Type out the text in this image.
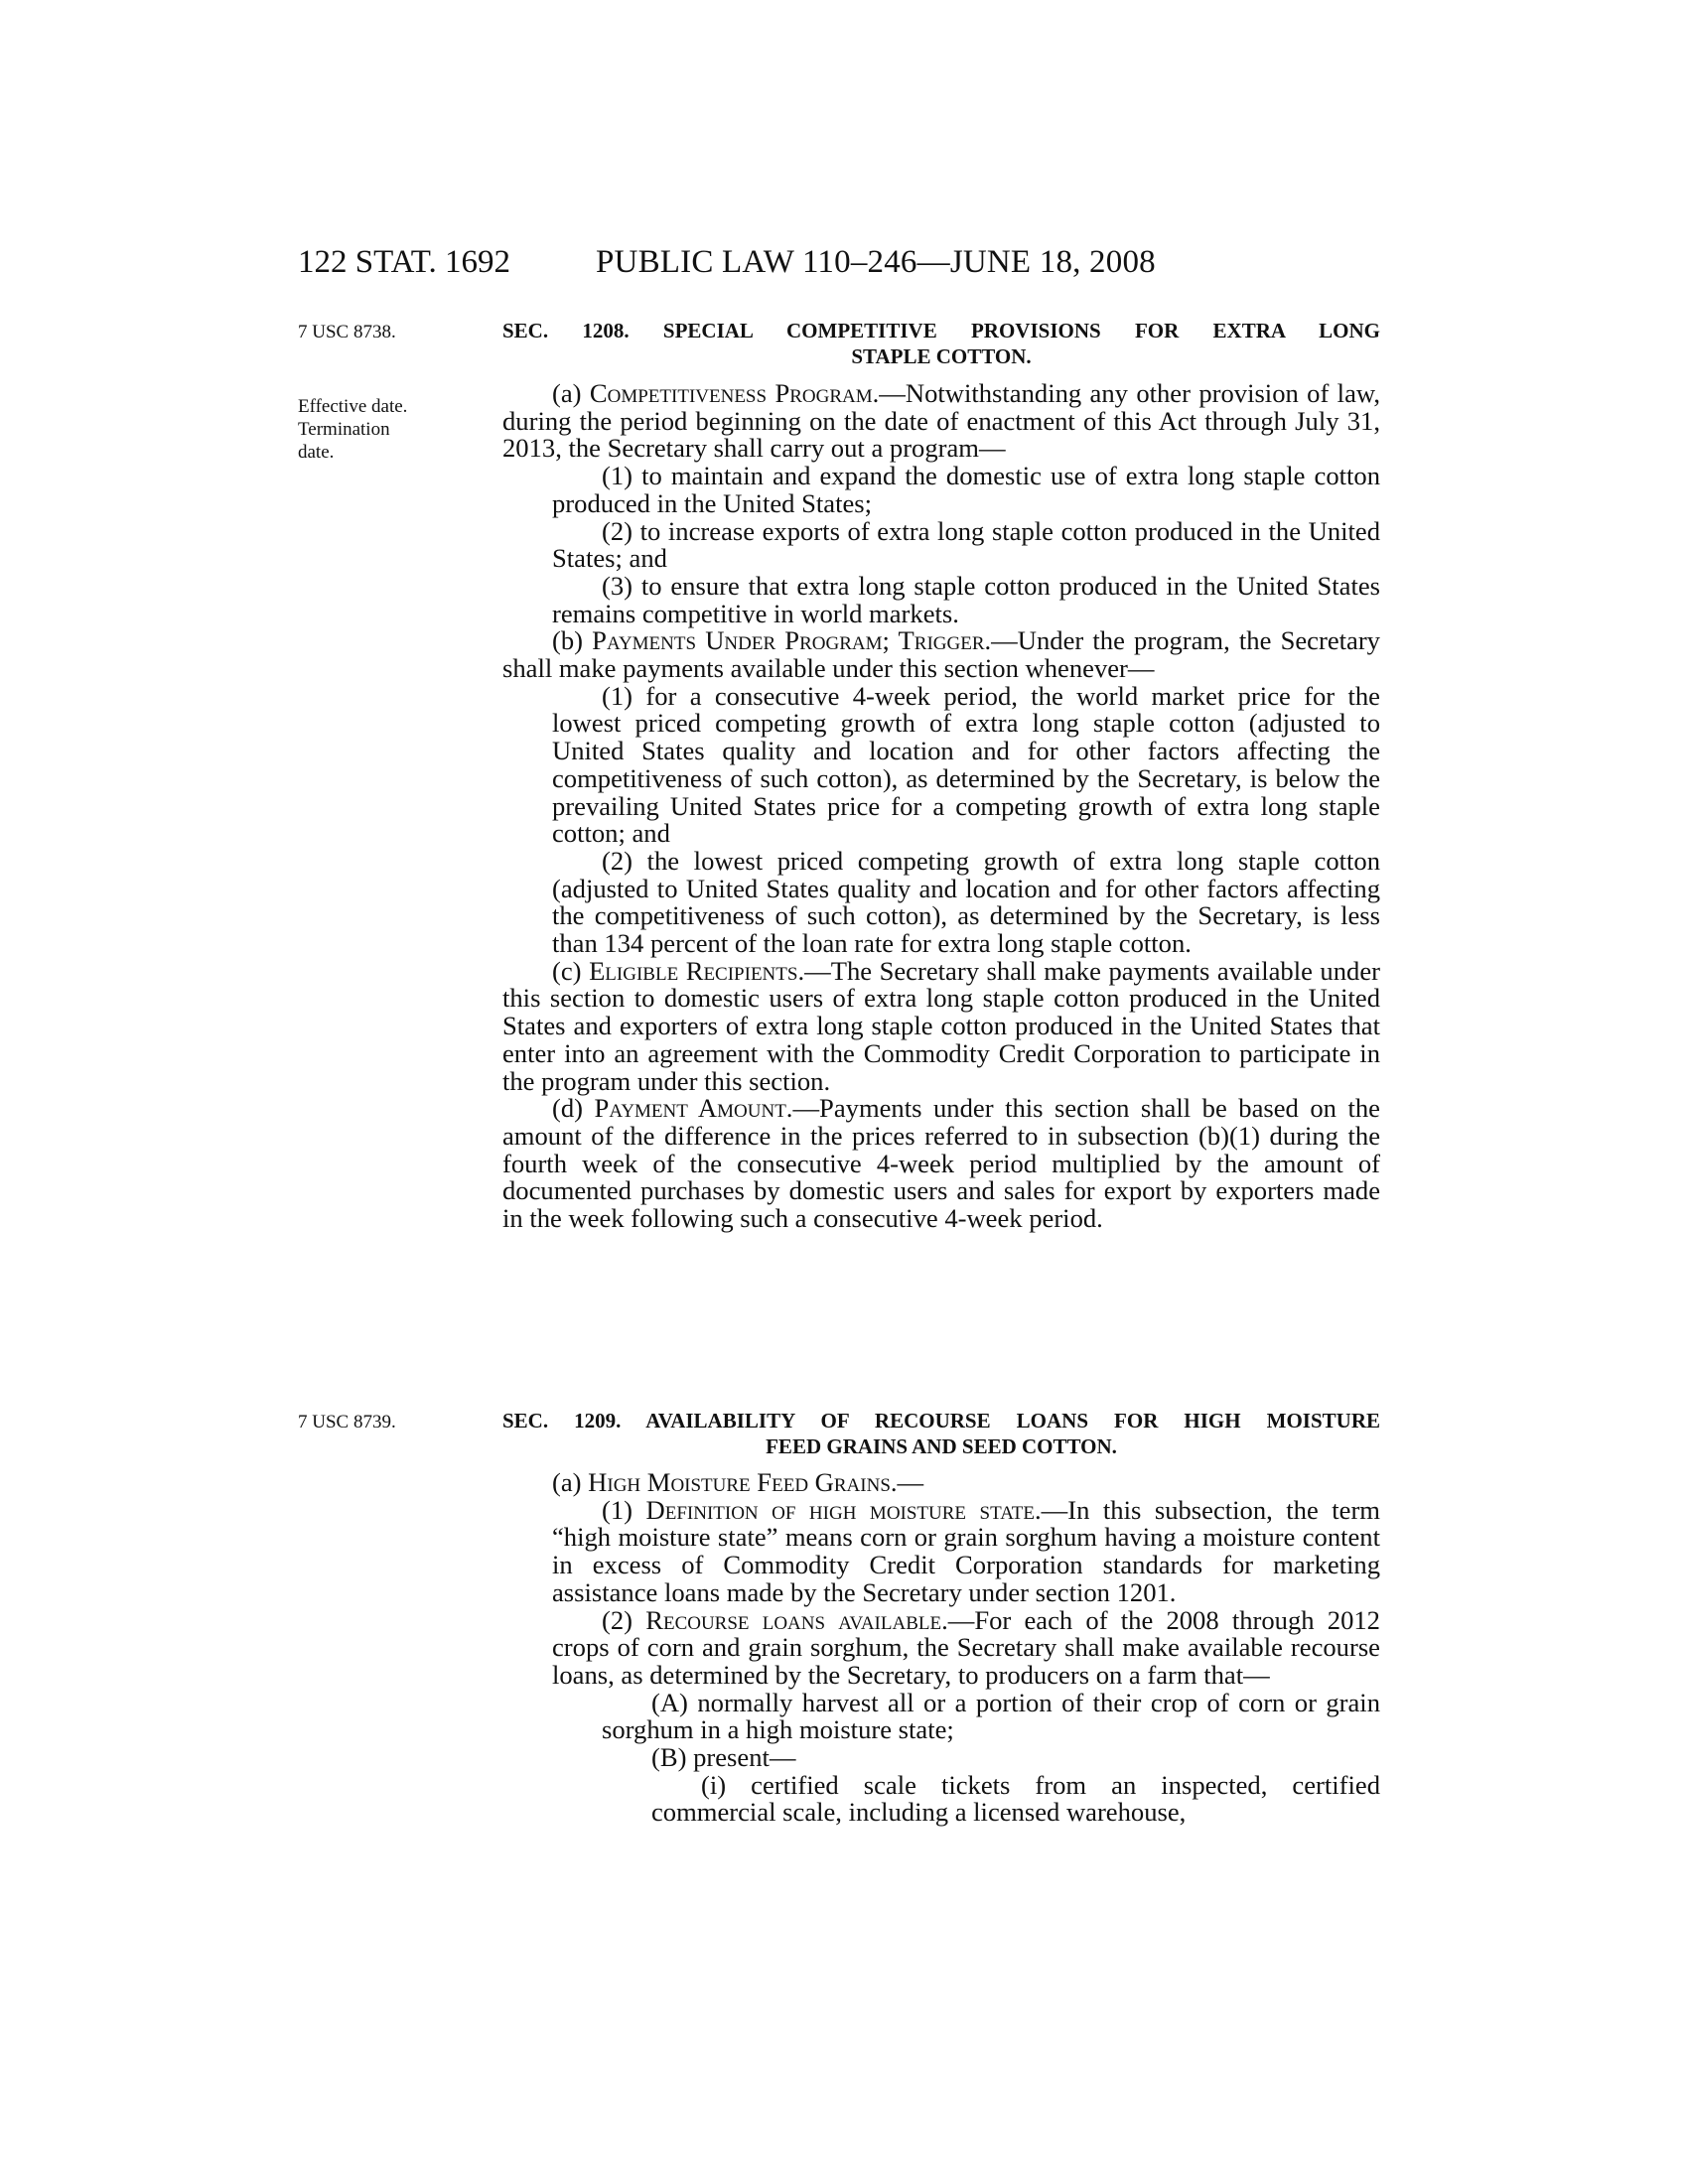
122 STAT. 1692	PUBLIC LAW 110–246—JUNE 18, 2008
7 USC 8738.
Effective date.
Termination date.
7 USC 8739.
SEC. 1208. SPECIAL COMPETITIVE PROVISIONS FOR EXTRA LONG
STAPLE COTTON.

(a) Competitiveness Program.—Notwithstanding any other provision of law, during the period beginning on the date of enactment of this Act through July 31, 2013, the Secretary shall carry out a program—

(1) to maintain and expand the domestic use of extra long staple cotton produced in the United States;

(2) to increase exports of extra long staple cotton produced in the United States; and

(3) to ensure that extra long staple cotton produced in the United States remains competitive in world markets.

(b) Payments Under Program; Trigger.—Under the program, the Secretary shall make payments available under this section whenever—

(1) for a consecutive 4-week period, the world market price for the lowest priced competing growth of extra long staple cotton (adjusted to United States quality and location and for other factors affecting the competitiveness of such cotton), as determined by the Secretary, is below the prevailing United States price for a competing growth of extra long staple cotton; and

(2) the lowest priced competing growth of extra long staple cotton (adjusted to United States quality and location and for other factors affecting the competitiveness of such cotton), as determined by the Secretary, is less than 134 percent of the loan rate for extra long staple cotton.

(c) Eligible Recipients.—The Secretary shall make payments available under this section to domestic users of extra long staple cotton produced in the United States and exporters of extra long staple cotton produced in the United States that enter into an agreement with the Commodity Credit Corporation to participate in the program under this section.

(d) Payment Amount.—Payments under this section shall be based on the amount of the difference in the prices referred to in subsection (b)(1) during the fourth week of the consecutive 4-week period multiplied by the amount of documented purchases by domestic users and sales for export by exporters made in the week following such a consecutive 4-week period.

SEC. 1209. AVAILABILITY OF RECOURSE LOANS FOR HIGH MOISTURE
FEED GRAINS AND SEED COTTON.

(a) High Moisture Feed Grains.—

(1) Definition of high moisture state.—In this subsection, the term “high moisture state” means corn or grain sorghum having a moisture content in excess of Commodity Credit Corporation standards for marketing assistance loans made by the Secretary under section 1201.

(2) Recourse loans available.—For each of the 2008 through 2012 crops of corn and grain sorghum, the Secretary shall make available recourse loans, as determined by the Secretary, to producers on a farm that—

(A) normally harvest all or a portion of their crop of corn or grain sorghum in a high moisture state;

(B) present—

(i) certified scale tickets from an inspected, certified commercial scale, including a licensed warehouse,
